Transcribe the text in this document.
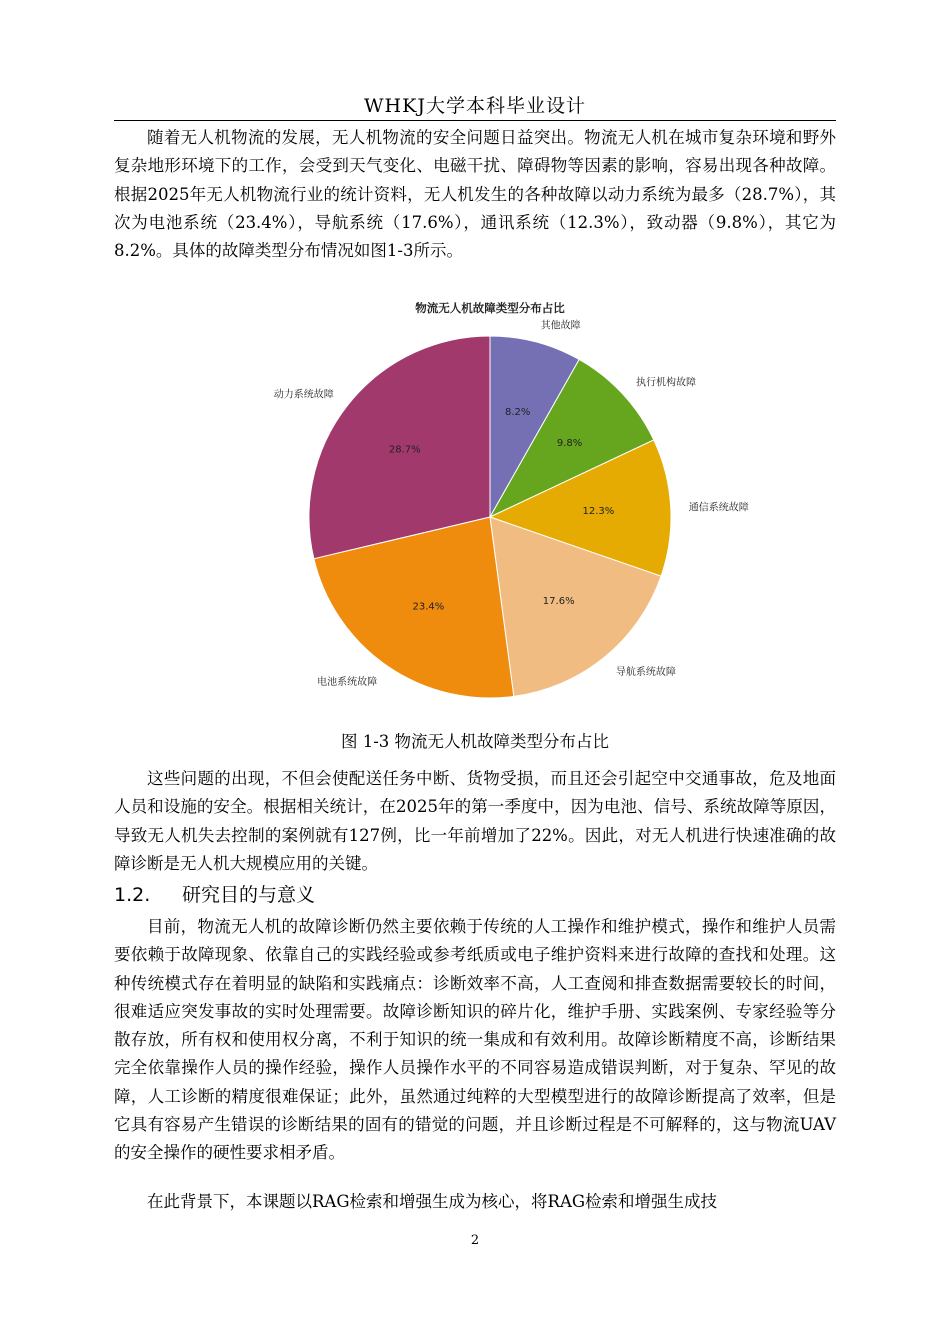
WHKJ大学本科毕业设计

随着无人机物流的发展，无人机物流的安全问题日益突出。物流无人机在城市复杂环境和野外复杂地形环境下的工作，会受到天气变化、电磁干扰、障碍物等因素的影响，容易出现各种故障。根据2025年无人机物流行业的统计资料，无人机发生的各种故障以动力系统为最多（28.7%），其次为电池系统（23.4%），导航系统（17.6%），通讯系统（12.3%），致动器（9.8%），其它为8.2%。具体的故障类型分布情况如图1-3所示。

物流无人机故障类型分布占比
8.2%
9.8%
12.3%
17.6%
23.4%
28.7%
其他故障
执行机构故障
通信系统故障
导航系统故障
电池系统故障
动力系统故障
图 1-3 物流无人机故障类型分布占比

这些问题的出现，不但会使配送任务中断、货物受损，而且还会引起空中交通事故，危及地面人员和设施的安全。根据相关统计，在2025年的第一季度中，因为电池、信号、系统故障等原因，导致无人机失去控制的案例就有127例，比一年前增加了22%。因此，对无人机进行快速准确的故障诊断是无人机大规模应用的关键。

1.2. 研究目的与意义

目前，物流无人机的故障诊断仍然主要依赖于传统的人工操作和维护模式，操作和维护人员需要依赖于故障现象、依靠自己的实践经验或参考纸质或电子维护资料来进行故障的查找和处理。这种传统模式存在着明显的缺陷和实践痛点：诊断效率不高，人工查阅和排查数据需要较长的时间，很难适应突发事故的实时处理需要。故障诊断知识的碎片化，维护手册、实践案例、专家经验等分散存放，所有权和使用权分离，不利于知识的统一集成和有效利用。故障诊断精度不高，诊断结果完全依靠操作人员的操作经验，操作人员操作水平的不同容易造成错误判断，对于复杂、罕见的故障，人工诊断的精度很难保证；此外，虽然通过纯粹的大型模型进行的故障诊断提高了效率，但是它具有容易产生错误的诊断结果的固有的错觉的问题，并且诊断过程是不可解释的，这与物流UAV的安全操作的硬性要求相矛盾。

在此背景下，本课题以RAG检索和增强生成为核心，将RAG检索和增强生成技

2
